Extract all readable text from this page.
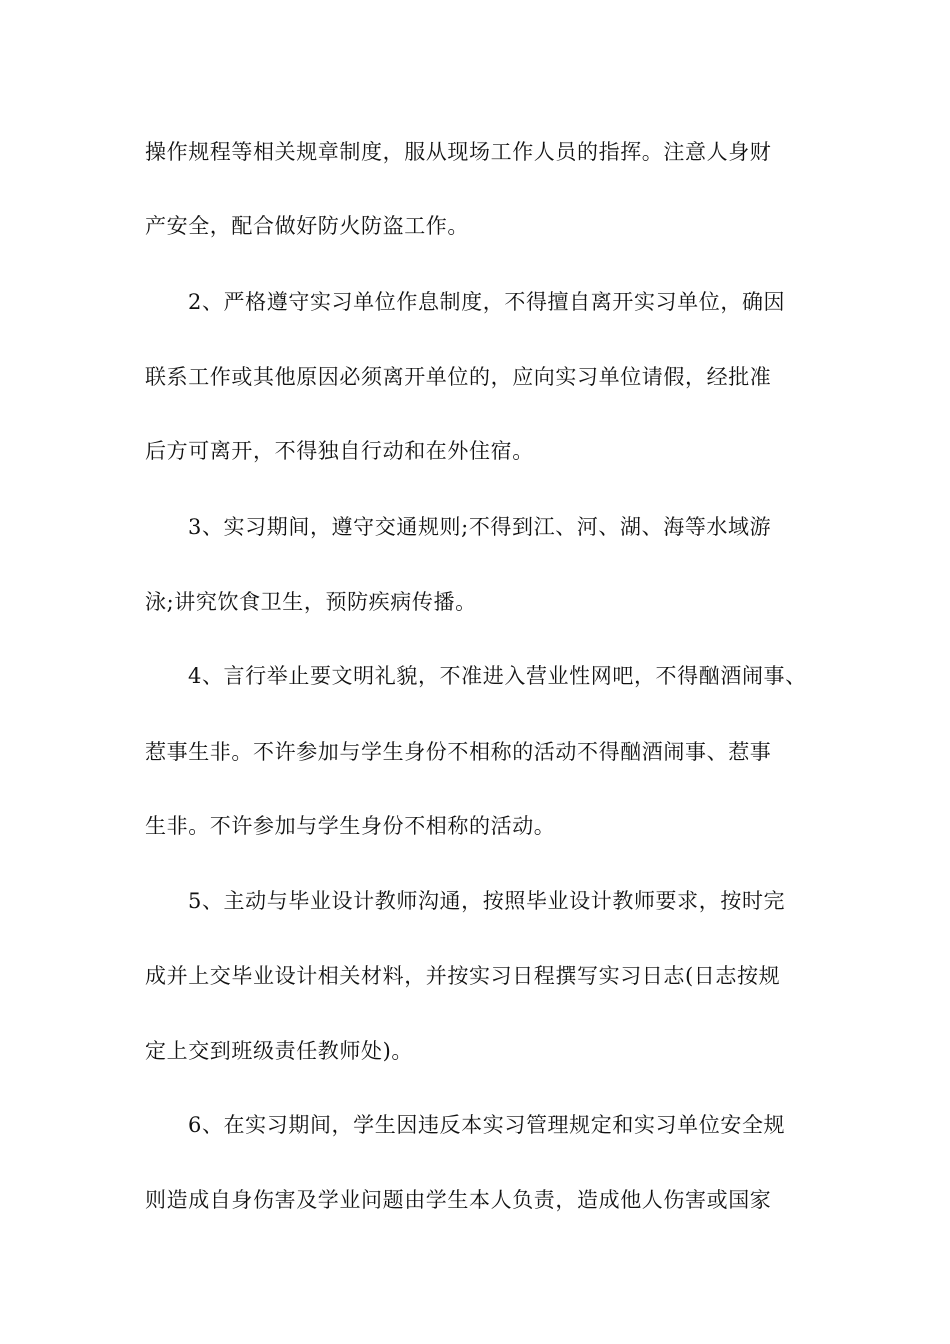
操作规程等相关规章制度，服从现场工作人员的指挥。注意人身财
产安全，配合做好防火防盗工作。
2、严格遵守实习单位作息制度，不得擅自离开实习单位，确因
联系工作或其他原因必须离开单位的，应向实习单位请假，经批准
后方可离开，不得独自行动和在外住宿。
3、实习期间，遵守交通规则;不得到江、河、湖、海等水域游
泳;讲究饮食卫生，预防疾病传播。
4、言行举止要文明礼貌，不准进入营业性网吧，不得酗酒闹事、
惹事生非。不许参加与学生身份不相称的活动不得酗酒闹事、惹事
生非。不许参加与学生身份不相称的活动。
5、主动与毕业设计教师沟通，按照毕业设计教师要求，按时完
成并上交毕业设计相关材料，并按实习日程撰写实习日志(日志按规
定上交到班级责任教师处)。
6、在实习期间，学生因违反本实习管理规定和实习单位安全规
则造成自身伤害及学业问题由学生本人负责，造成他人伤害或国家
